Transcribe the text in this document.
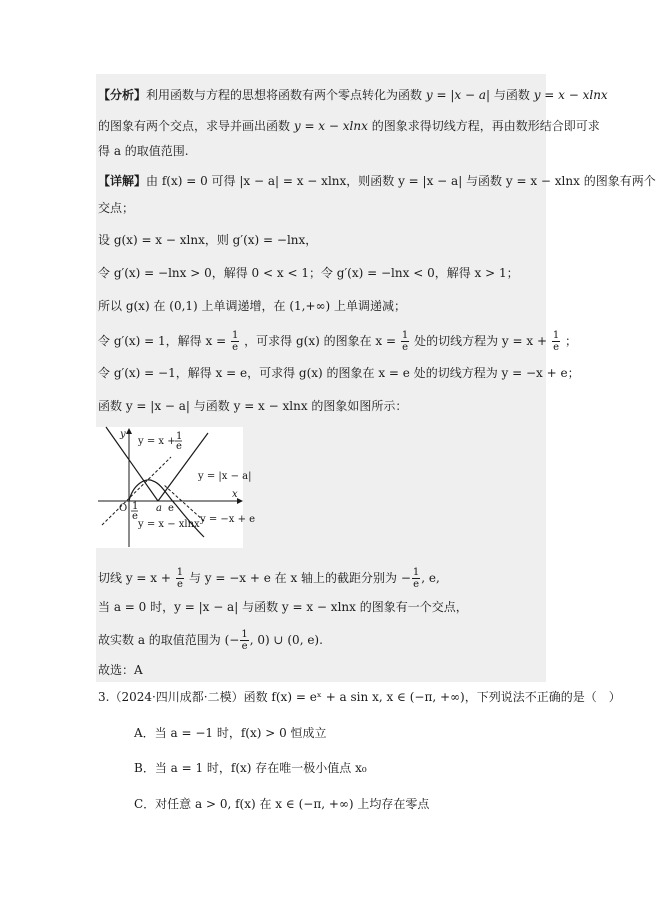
【分析】利用函数与方程的思想将函数有两个零点转化为函数 y = |x − a| 与函数 y = x − xlnx
的图象有两个交点，求导并画出函数 y = x − xlnx 的图象求得切线方程，再由数形结合即可求
得 a 的取值范围.
【详解】由 f(x) = 0 可得 |x − a| = x − xlnx，则函数 y = |x − a| 与函数 y = x − xlnx 的图象有两个
交点；
设 g(x) = x − xlnx，则 g′(x) = −lnx，
令 g′(x) = −lnx > 0，解得 0 < x < 1；令 g′(x) = −lnx < 0，解得 x > 1；
所以 g(x) 在 (0,1) 上单调递增，在 (1,+∞) 上单调递减；
令 g′(x) = 1，解得 $x = \frac{1}{e}$ ，可求得 g(x) 的图象在 $x = \frac{1}{e}$ 处的切线方程为 $y = x + \frac{1}{e}$ ；
令 g′(x) = −1，解得 x = e，可求得 g(x) 的图象在 x = e 处的切线方程为 y = −x + e；
函数 y = |x − a| 与函数 y = x − xlnx 的图象如图所示：
y
x
O
y = x + 1
e
y = |x − a|
1
e
a e
y = −x + e
y = x − xlnx
切线 $y = x + \frac{1}{e}$ 与 y = −x + e 在 x 轴上的截距分别为 − $\frac{1}{e}$ , e,
当 a = 0 时，y = |x − a| 与函数 y = x − xlnx 的图象有一个交点，
故实数 a 的取值范围为 (− $\frac{1}{e}$ , 0) ∪ (0, e).
故选：A
3.（2024·四川成都·二模）函数 f(x) = eˣ + a sin x, x ∈ (−π, +∞)，下列说法不正确的是（　）
A．当 a = −1 时，f(x) > 0 恒成立
B．当 a = 1 时，f(x) 存在唯一极小值点 x₀
C．对任意 a > 0, f(x) 在 x ∈ (−π, +∞) 上均存在零点
